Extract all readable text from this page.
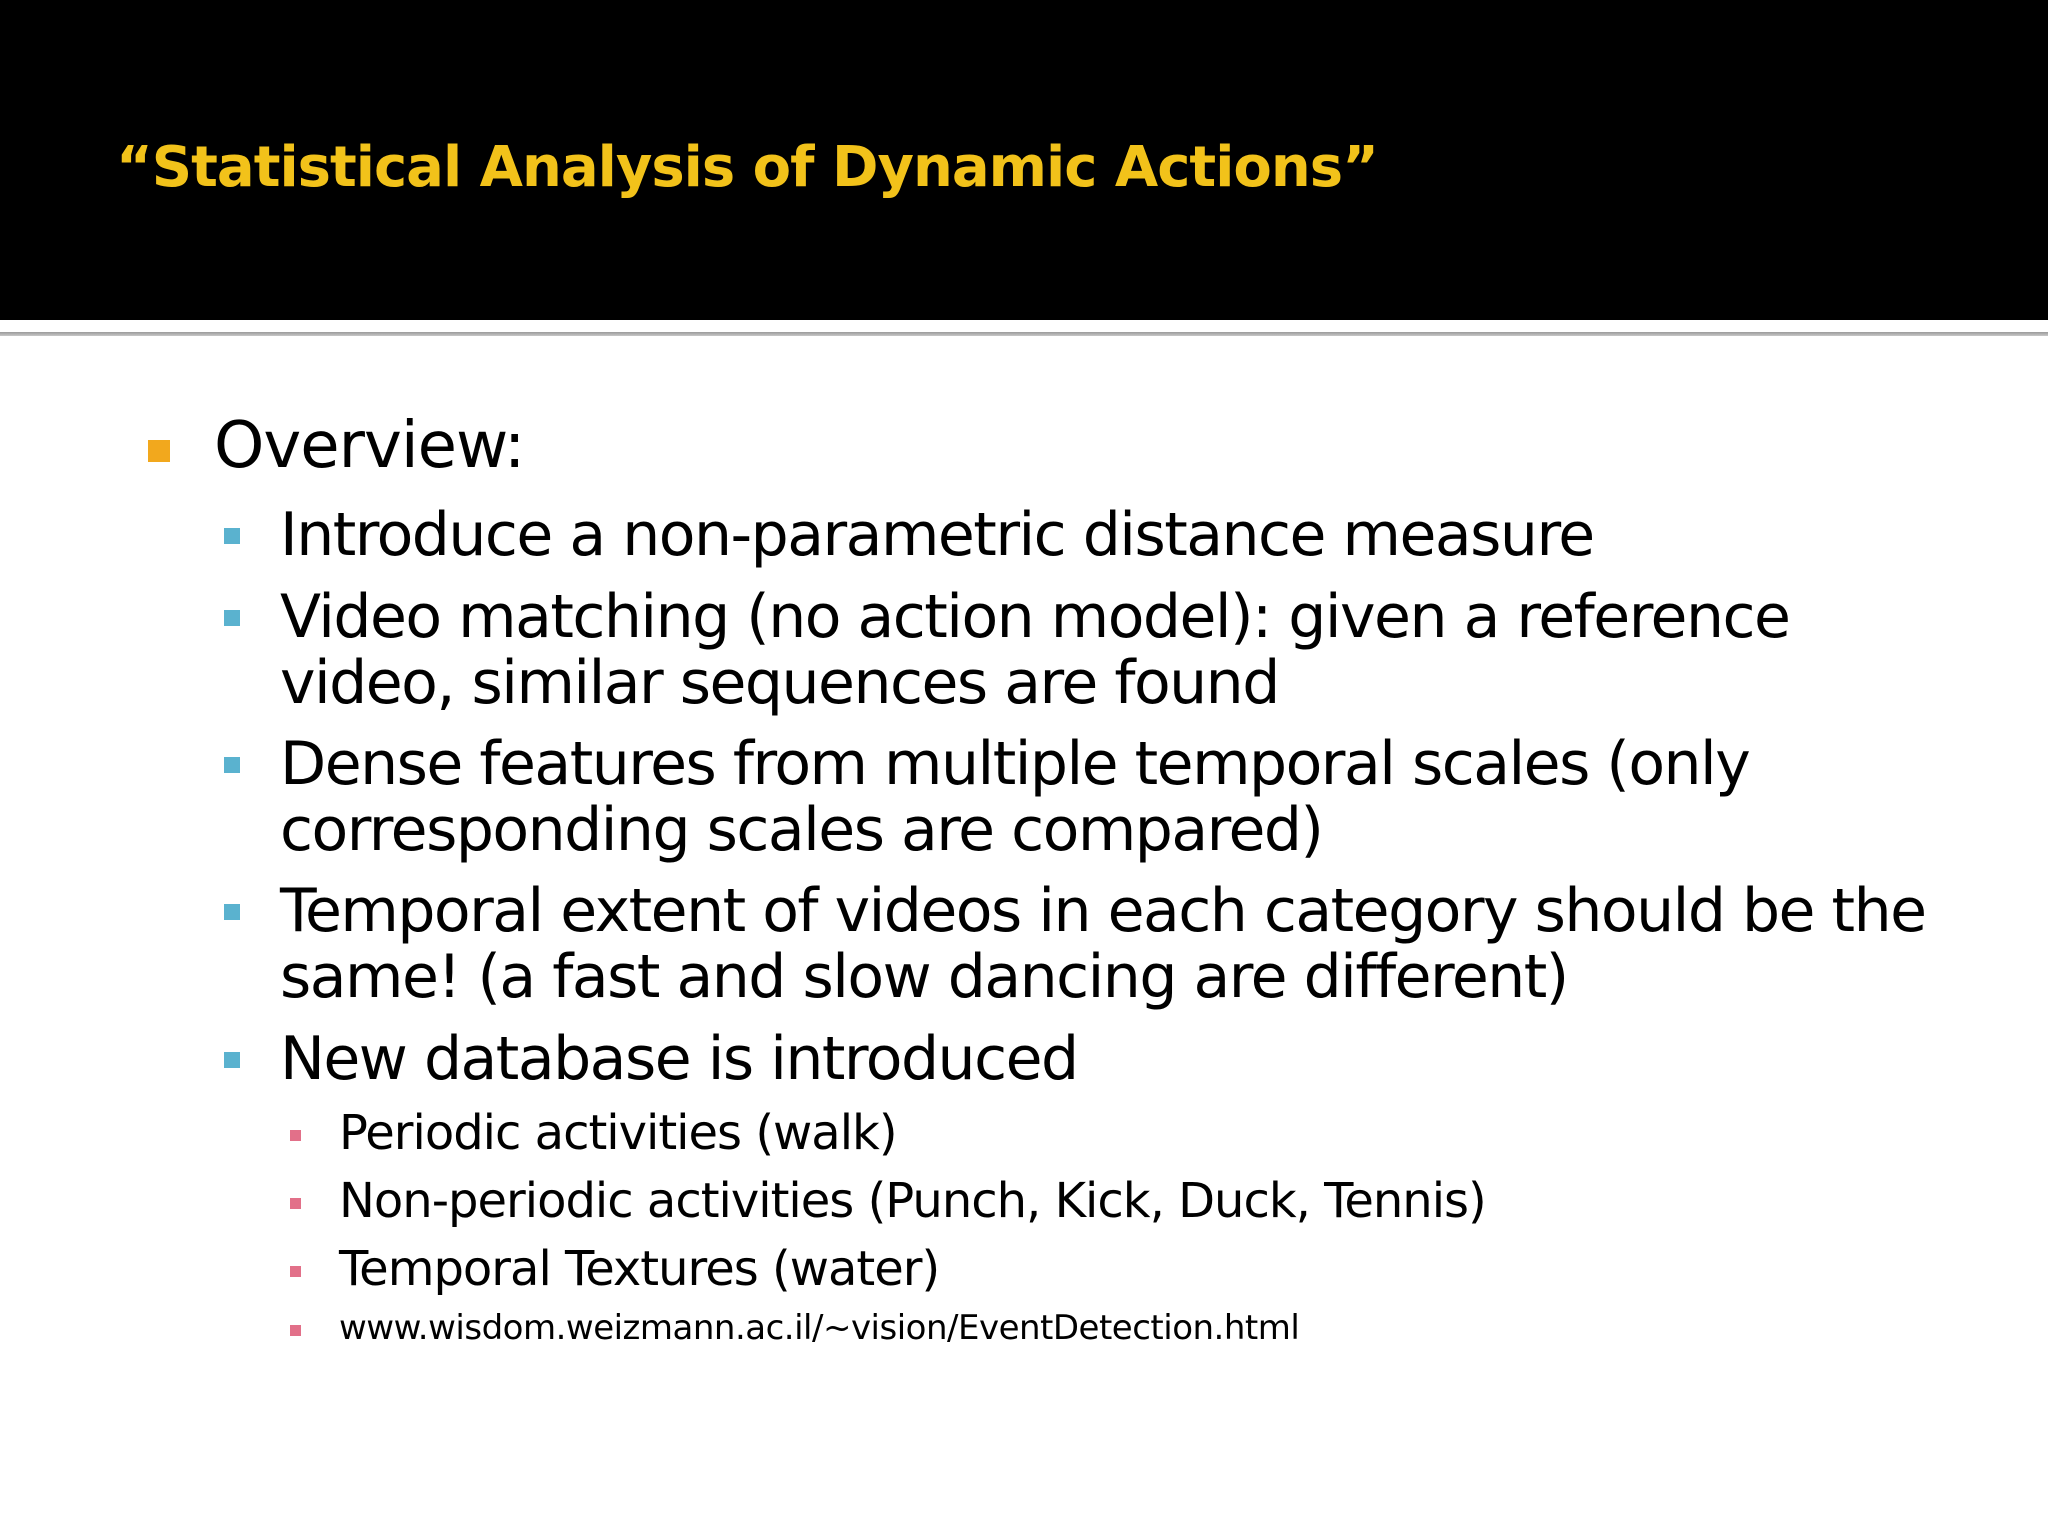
“Statistical Analysis of Dynamic Actions”
Overview:
Introduce a non-parametric distance measure
Video matching (no action model): given a reference
video, similar sequences are found
Dense features from multiple temporal scales (only
corresponding scales are compared)
Temporal extent of videos in each category should be the
same! (a fast and slow dancing are different)
New database is introduced
Periodic activities (walk)
Non-periodic activities (Punch, Kick, Duck, Tennis)
Temporal Textures (water)
www.wisdom.weizmann.ac.il/~vision/EventDetection.html
